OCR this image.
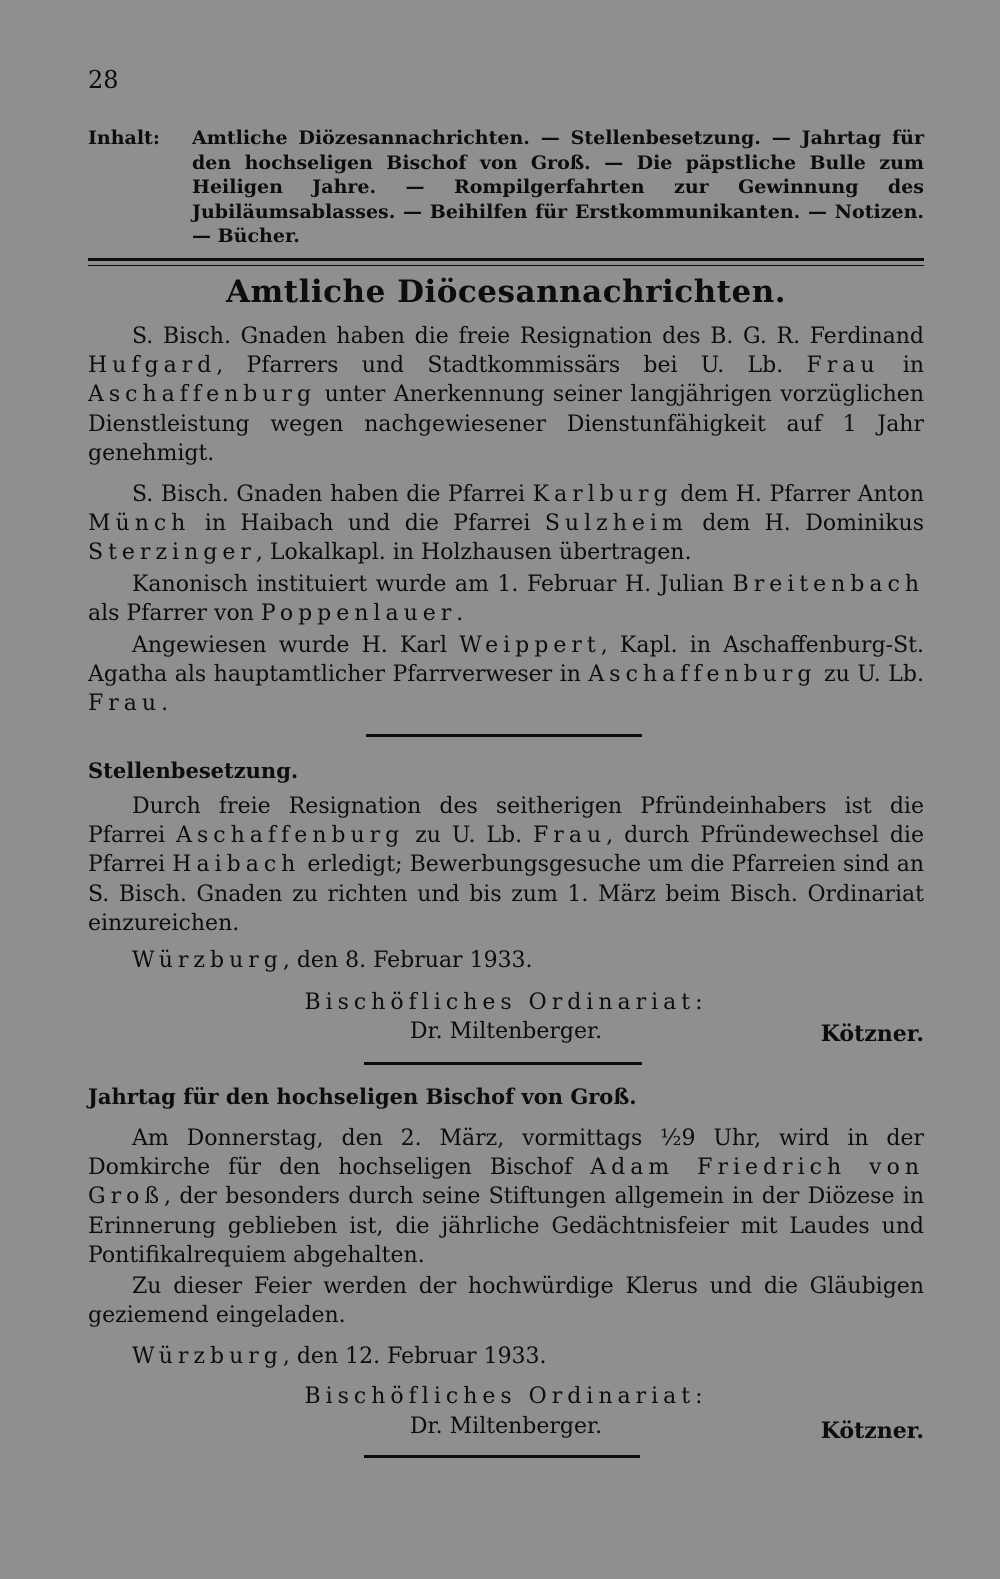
28
Inhalt:	Amtliche Diözesannachrichten. — Stellenbesetzung. — Jahrtag für den hochseligen Bischof von Groß. — Die päpstliche Bulle zum Heiligen Jahre. — Rompilgerfahrten zur Gewinnung des Jubiläumsablasses. — Beihilfen für Erstkommunikanten. — Notizen. — Bücher.
Amtliche Diöcesannachrichten.
S. Bisch. Gnaden haben die freie Resignation des B. G. R. Ferdinand Hufgard, Pfarrers und Stadtkommissärs bei U. Lb. Frau in Aschaffenburg unter Anerkennung seiner langjährigen vorzüglichen Dienstleistung wegen nachgewiesener Dienstunfähigkeit auf 1 Jahr genehmigt.
S. Bisch. Gnaden haben die Pfarrei Karlburg dem H. Pfarrer Anton Münch in Haibach und die Pfarrei Sulzheim dem H. Dominikus Sterzinger, Lokalkapl. in Holzhausen übertragen.
Kanonisch instituiert wurde am 1. Februar H. Julian Breitenbach als Pfarrer von Poppenlauer.
Angewiesen wurde H. Karl Weippert, Kapl. in Aschaffenburg-St. Agatha als hauptamtlicher Pfarrverweser in Aschaffenburg zu U. Lb. Frau.
Stellenbesetzung.
Durch freie Resignation des seitherigen Pfründeinhabers ist die Pfarrei Aschaffenburg zu U. Lb. Frau, durch Pfründewechsel die Pfarrei Haibach erledigt; Bewerbungsgesuche um die Pfarreien sind an S. Bisch. Gnaden zu richten und bis zum 1. März beim Bisch. Ordinariat einzureichen.
Würzburg, den 8. Februar 1933.
Bischöfliches Ordinariat:
Dr. Miltenberger.	Kötzner.
Jahrtag für den hochseligen Bischof von Groß.
Am Donnerstag, den 2. März, vormittags ½9 Uhr, wird in der Domkirche für den hochseligen Bischof Adam Friedrich von Groß, der besonders durch seine Stiftungen allgemein in der Diözese in Erinnerung geblieben ist, die jährliche Gedächtnisfeier mit Laudes und Pontifikalrequiem abgehalten.
Zu dieser Feier werden der hochwürdige Klerus und die Gläubigen geziemend eingeladen.
Würzburg, den 12. Februar 1933.
Bischöfliches Ordinariat:
Dr. Miltenberger.	Kötzner.
